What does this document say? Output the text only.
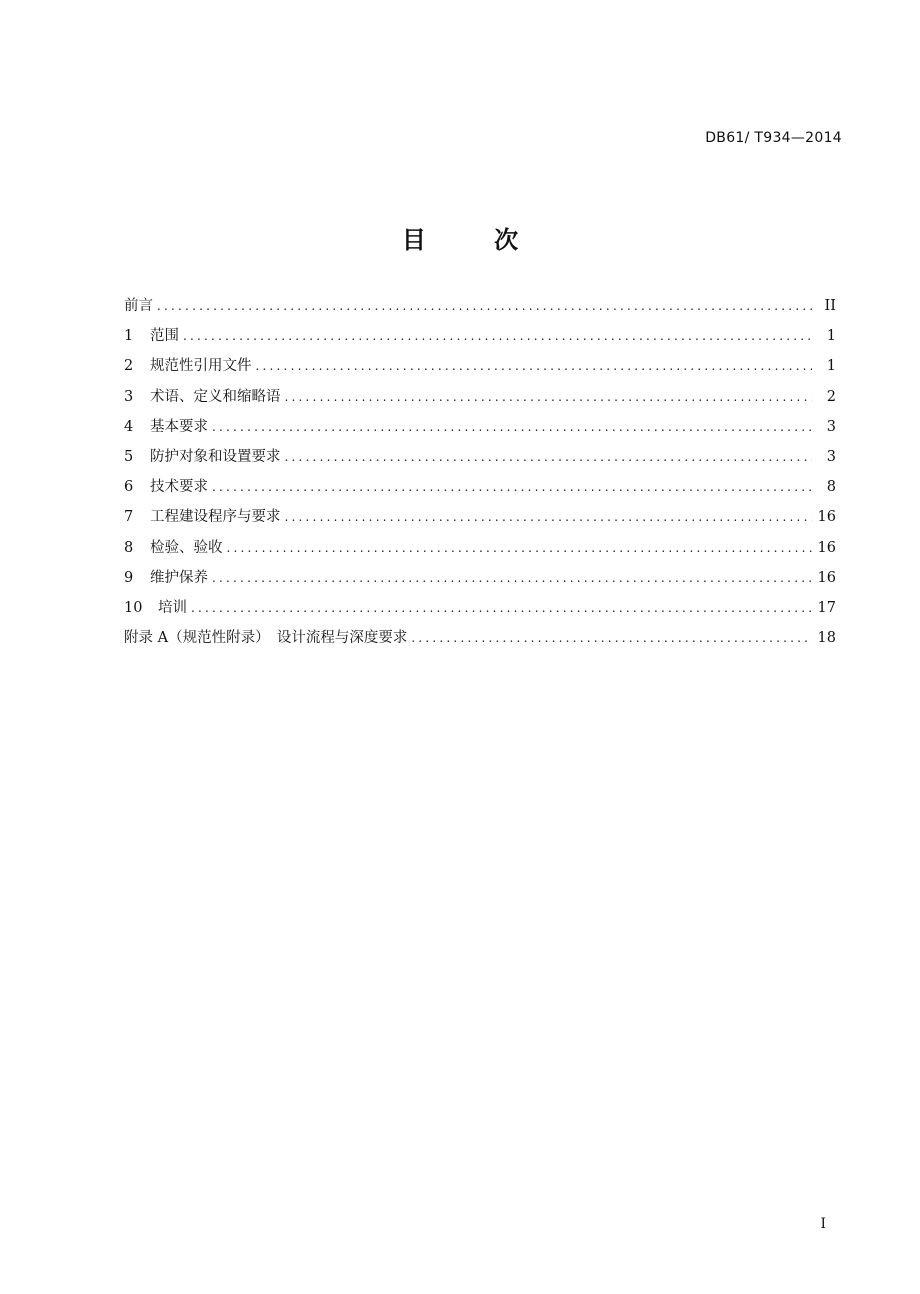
DB61/ T934—2014
目	次
前言 .....	II
1 范围 .....	1
2 规范性引用文件 .....	1
3 术语、定义和缩略语 .....	2
4 基本要求 .....	3
5 防护对象和设置要求 .....	3
6 技术要求 .....	8
7 工程建设程序与要求 .....	16
8 检验、验收 .....	16
9 维护保养 .....	16
10 培训 .....	17
附录 A（规范性附录）　设计流程与深度要求 .....	18
I
